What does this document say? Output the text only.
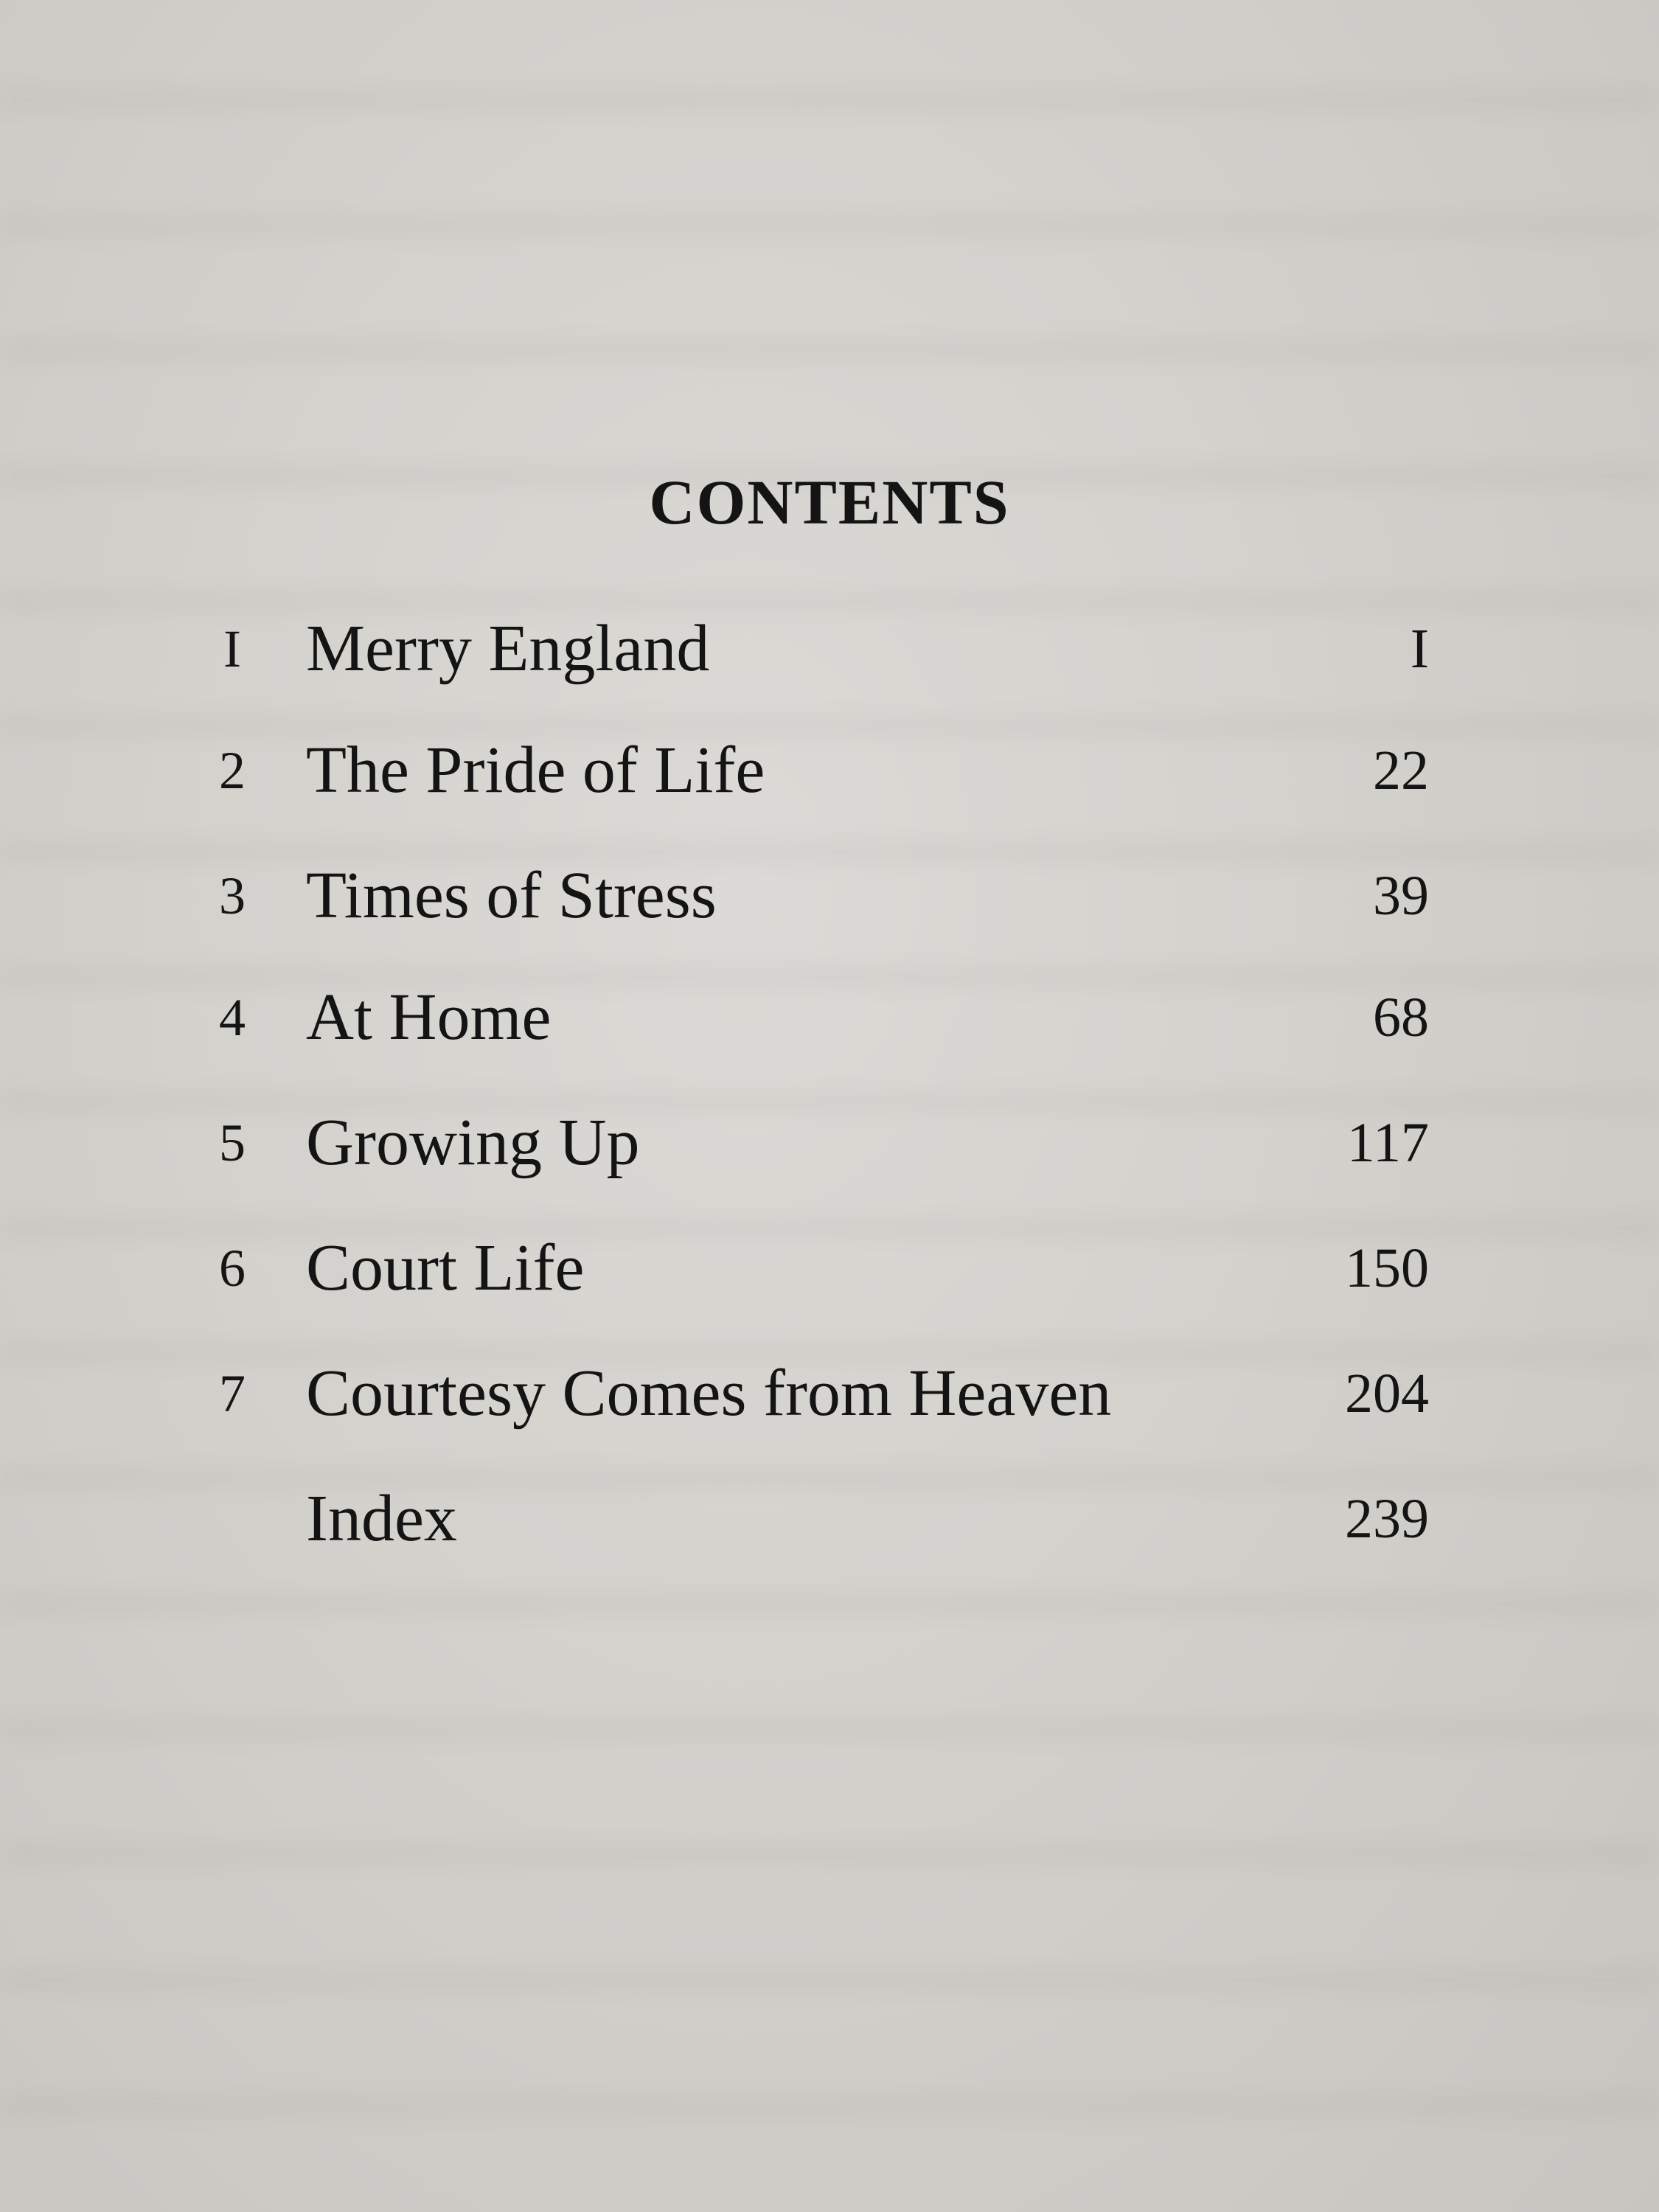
CONTENTS
I Merry England	I
2 The Pride of Life	22
3 Times of Stress	39
4 At Home	68
5 Growing Up	117
6 Court Life	150
7 Courtesy Comes from Heaven	204
Index	239
